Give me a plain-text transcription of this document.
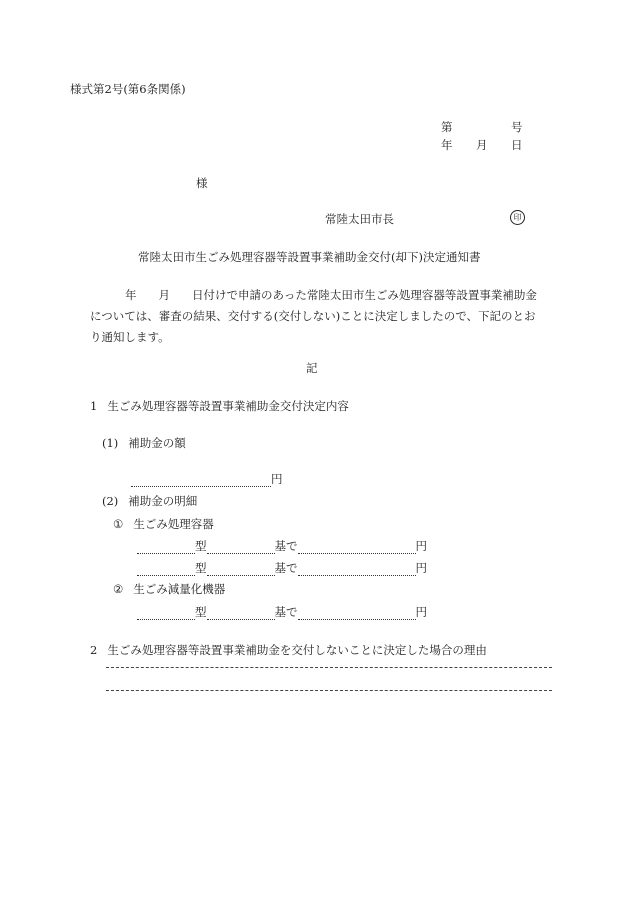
様式第2号(第6条関係)
第	号
年 月 日
様
常陸太田市長	印
常陸太田市生ごみ処理容器等設置事業補助金交付(却下)決定通知書
年 月 日付けで申請のあった常陸太田市生ごみ処理容器等設置事業補助金
については、審査の結果、交付する(交付しない)ことに決定しましたので、下記のとお
り通知します。
記
1 生ごみ処理容器等設置事業補助金交付決定内容
(1) 補助金の額
円
(2) 補助金の明細
① 生ごみ処理容器
型	基で	円
型	基で	円
② 生ごみ減量化機器
型	基で	円
2 生ごみ処理容器等設置事業補助金を交付しないことに決定した場合の理由
